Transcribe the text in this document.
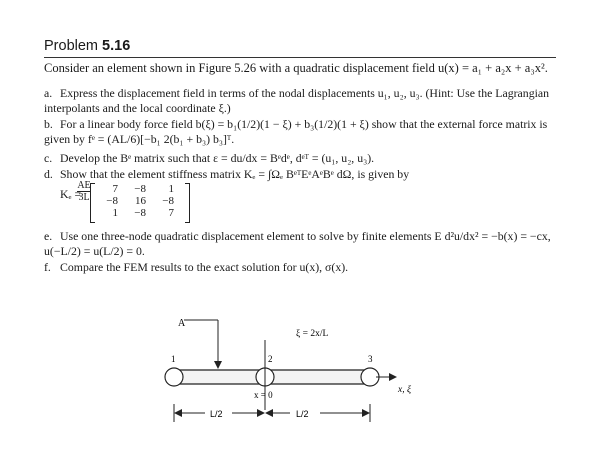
Problem 5.16
Consider an element shown in Figure 5.26 with a quadratic displacement field u(x) = a₁ + a₂x + a₃x².
a. Express the displacement field in terms of the nodal displacements u₁, u₂, u₃. (Hint: Use the Lagrangian interpolants and the local coordinate ξ.)
b. For a linear body force field b(ξ) = b₁(1/2)(1 − ξ) + b₃(1/2)(1 + ξ) show that the external force matrix is given by fᵉ = (AL/6)[−b₁ 2(b₁ + b₃) b₃]ᵀ.
c. Develop the Bᵉ matrix such that ε = du/dx = Bᵉdᵉ, dᵉᵀ = (u₁, u₂, u₃).
d. Show that the element stiffness matrix Kₑ = ∫Ωₑ BᵉᵀEᵉAᵉBᵉ dΩ, is given by
Kₑ =
$\frac{AE}{3L}$	7	−8	1
−8	16	−8
1	−8	7
e. Use one three-node quadratic displacement element to solve by finite elements E d²u/dx² = −b(x) = −cx, u(−L/2) = u(L/2) = 0.
f. Compare the FEM results to the exact solution for u(x), σ(x).
A
1	2	3
ξ = 2x/L
x, ξ
x = 0
L/2	L/2
